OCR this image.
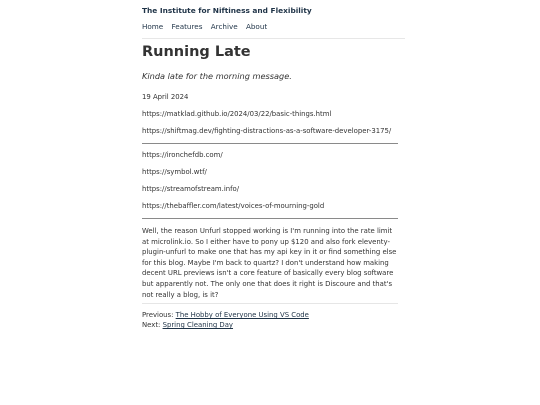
The Institute for Niftiness and Flexibility
Home Features Archive About
Running Late
Kinda late for the morning message.
19 April 2024
https://matklad.github.io/2024/03/22/basic-things.html
https://shiftmag.dev/fighting-distractions-as-a-software-developer-3175/
https://ironchefdb.com/
https://symbol.wtf/
https://streamofstream.info/
https://thebaffler.com/latest/voices-of-mourning-gold
Well, the reason Unfurl stopped working is I'm running into the rate limit at microlink.io. So I either have to pony up $120 and also fork eleventy-plugin-unfurl to make one that has my api key in it or find something else for this blog. Maybe I'm back to quartz? I don't understand how making decent URL previews isn't a core feature of basically every blog software but apparently not. The only one that does it right is Discoure and that's not really a blog, is it?
Previous: The Hobby of Everyone Using VS Code
Next: Spring Cleaning Day
